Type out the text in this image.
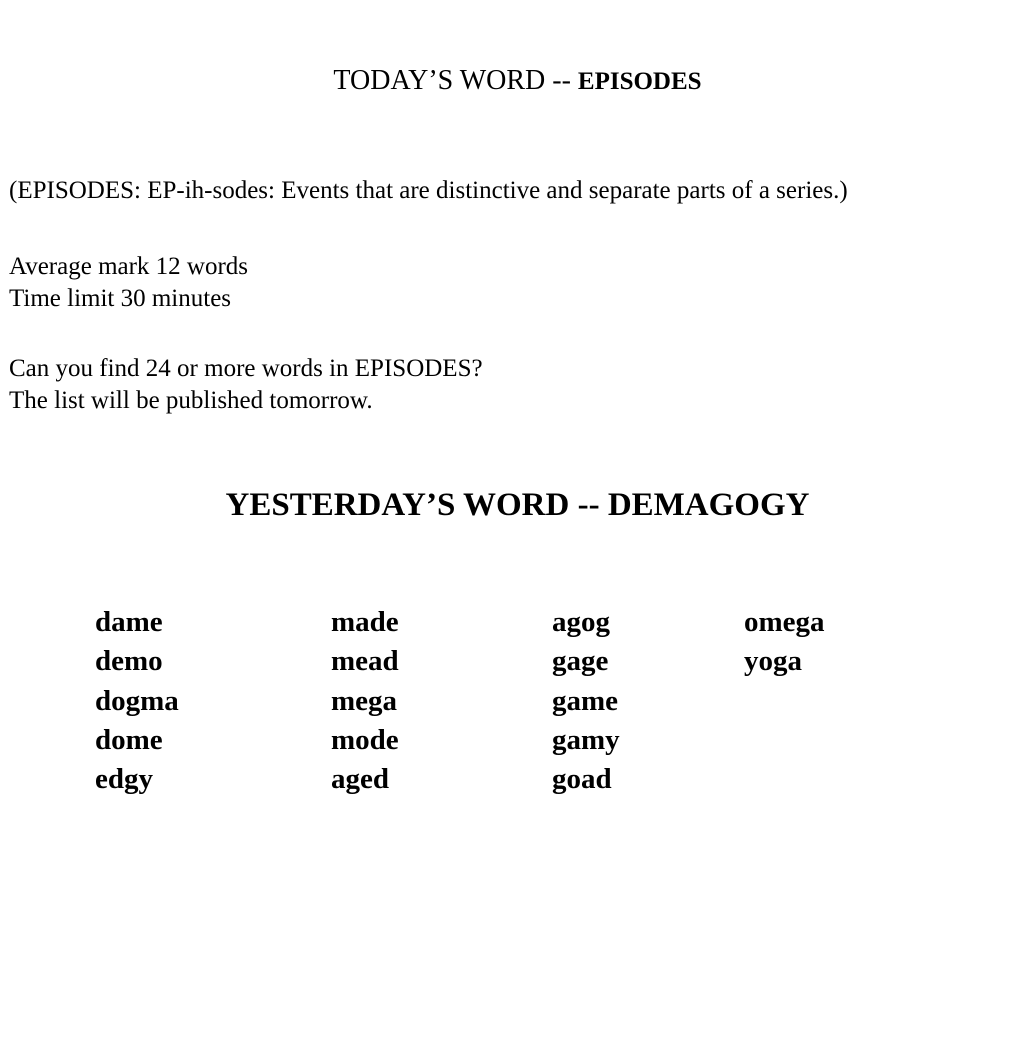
TODAY’S WORD -- EPISODES
(EPISODES: EP-ih-sodes: Events that are distinctive and separate parts of a series.)
Average mark 12 words
Time limit 30 minutes
Can you find 24 or more words in EPISODES?
The list will be published tomorrow.
YESTERDAY’S WORD -- DEMAGOGY
dame
demo
dogma
dome
edgy
made
mead
mega
mode
aged
agog
gage
game
gamy
goad
omega
yoga
